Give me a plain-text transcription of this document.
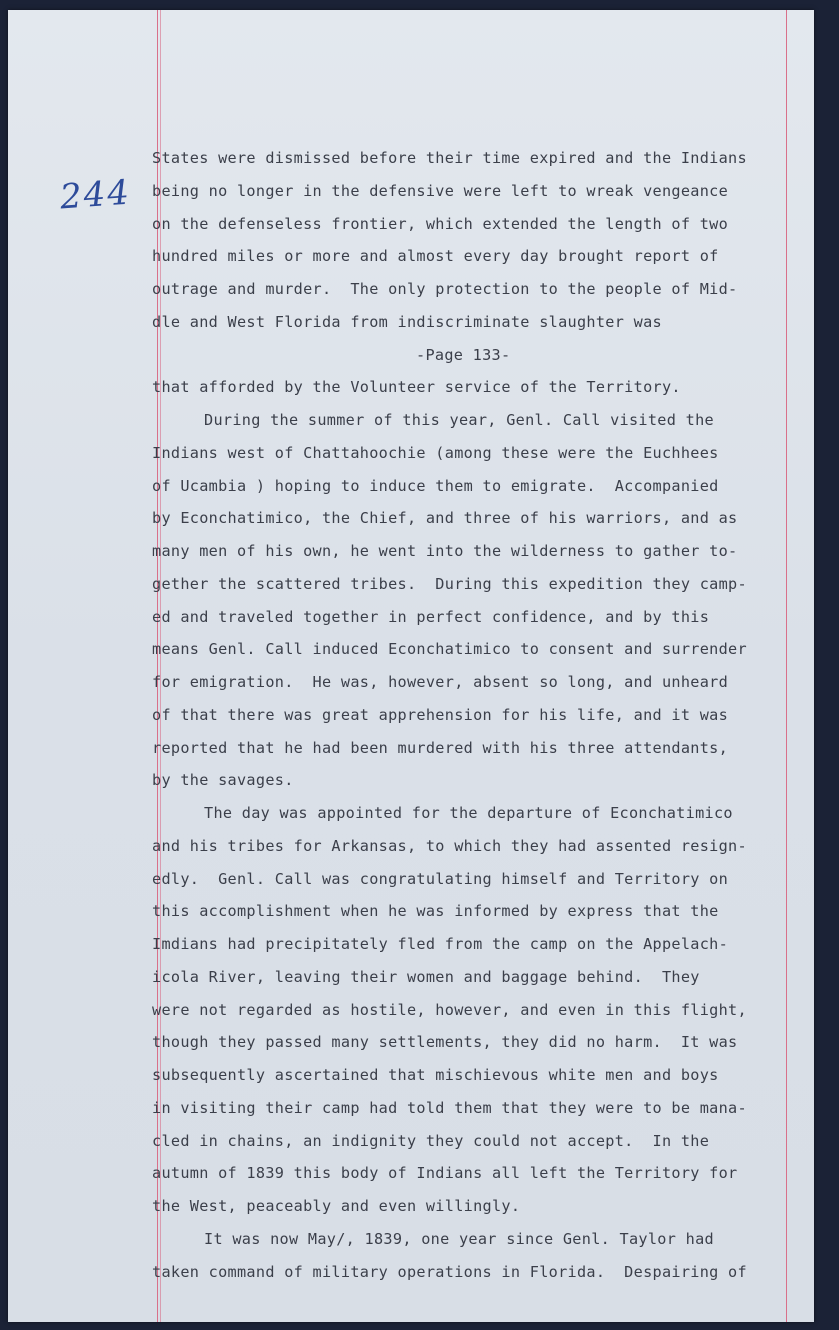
244
States were dismissed before their time expired and the Indians
being no longer in the defensive were left to wreak vengeance
on the defenseless frontier, which extended the length of two
hundred miles or more and almost every day brought report of
outrage and murder.  The only protection to the people of Mid-
dle and West Florida from indiscriminate slaughter was
-Page 133-
that afforded by the Volunteer service of the Territory.
During the summer of this year, Genl. Call visited the
Indians west of Chattahoochie (among these were the Euchhees
of Ucambia ) hoping to induce them to emigrate.  Accompanied
by Econchatimico, the Chief, and three of his warriors, and as
many men of his own, he went into the wilderness to gather to-
gether the scattered tribes.  During this expedition they camp-
ed and traveled together in perfect confidence, and by this
means Genl. Call induced Econchatimico to consent and surrender
for emigration.  He was, however, absent so long, and unheard
of that there was great apprehension for his life, and it was
reported that he had been murdered with his three attendants,
by the savages.
The day was appointed for the departure of Econchatimico
and his tribes for Arkansas, to which they had assented resign-
edly.  Genl. Call was congratulating himself and Territory on
this accomplishment when he was informed by express that the
Imdians had precipitately fled from the camp on the Appelach-
icola River, leaving their women and baggage behind.  They
were not regarded as hostile, however, and even in this flight,
though they passed many settlements, they did no harm.  It was
subsequently ascertained that mischievous white men and boys
in visiting their camp had told them that they were to be mana-
cled in chains, an indignity they could not accept.  In the
autumn of 1839 this body of Indians all left the Territory for
the West, peaceably and even willingly.
It was now May/, 1839, one year since Genl. Taylor had
taken command of military operations in Florida.  Despairing of
